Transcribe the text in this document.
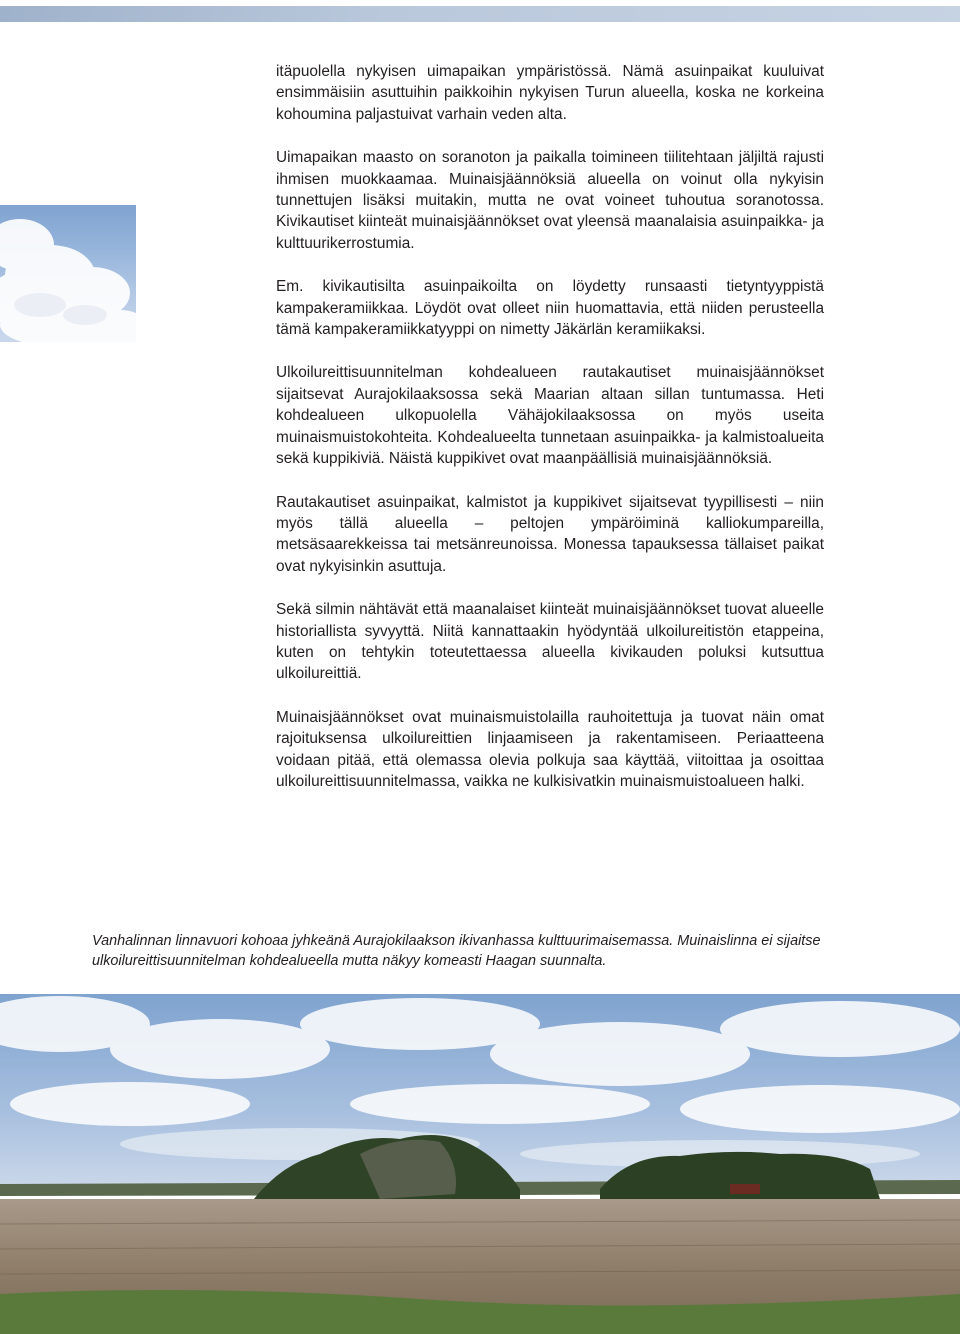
itäpuolella nykyisen uimapaikan ympäristössä. Nämä asuinpaikat kuuluivat ensimmäisiin asuttuihin paikkoihin nykyisen Turun alueella, koska ne korkeina kohoumina paljastuivat varhain veden alta.

Uimapaikan maasto on soranoton ja paikalla toimineen tiilitehtaan jäljiltä rajusti ihmisen muokkaamaa. Muinaisjäännöksiä alueella on voinut olla nykyisin tunnettujen lisäksi muitakin, mutta ne ovat voineet tuhoutua soranotossa. Kivikautiset kiinteät muinaisjäännökset ovat yleensä maanalaisia asuinpaikka- ja kulttuurikerrostumia.

Em. kivikautisilta asuinpaikoilta on löydetty runsaasti tietyntyyppistä kampakeramiikkaa. Löydöt ovat olleet niin huomattavia, että niiden perusteella tämä kampakeramiikkatyyppi on nimetty Jäkärlän keramiikaksi.

Ulkoilureittisuunnitelman kohdealueen rautakautiset muinaisjäännökset sijaitsevat Aurajokilaaksossa sekä Maarian altaan sillan tuntumassa. Heti kohdealueen ulkopuolella Vähäjokilaaksossa on myös useita muinaismuistokohteita. Kohdealueelta tunnetaan asuinpaikka- ja kalmistoalueita sekä kuppikiviä. Näistä kuppikivet ovat maanpäällisiä muinaisjäännöksiä.

Rautakautiset asuinpaikat, kalmistot ja kuppikivet sijaitsevat tyypillisesti – niin myös tällä alueella – peltojen ympäröiminä kalliokumpareilla, metsäsaarekkeissa tai metsänreunoissa. Monessa tapauksessa tällaiset paikat ovat nykyisinkin asuttuja.

Sekä silmin nähtävät että maanalaiset kiinteät muinaisjäännökset tuovat alueelle historiallista syvyyttä. Niitä kannattaakin hyödyntää ulkoilureitistön etappeina, kuten on tehtykin toteutettaessa alueella kivikauden poluksi kutsuttua ulkoilureittiä.

Muinaisjäännökset ovat muinaismuistolailla rauhoitettuja ja tuovat näin omat rajoituksensa ulkoilureittien linjaamiseen ja rakentamiseen. Periaatteena voidaan pitää, että olemassa olevia polkuja saa käyttää, viitoittaa ja osoittaa ulkoilureittisuunnitelmassa, vaikka ne kulkisivatkin muinaismuistoalueen halki.

Vanhalinnan linnavuori kohoaa jyhkeänä Aurajokilaakson ikivanhassa kulttuurimaisemassa. Muinaislinna ei sijaitse ulkoilureittisuunnitelman kohdealueella mutta näkyy komeasti Haagan suunnalta.
